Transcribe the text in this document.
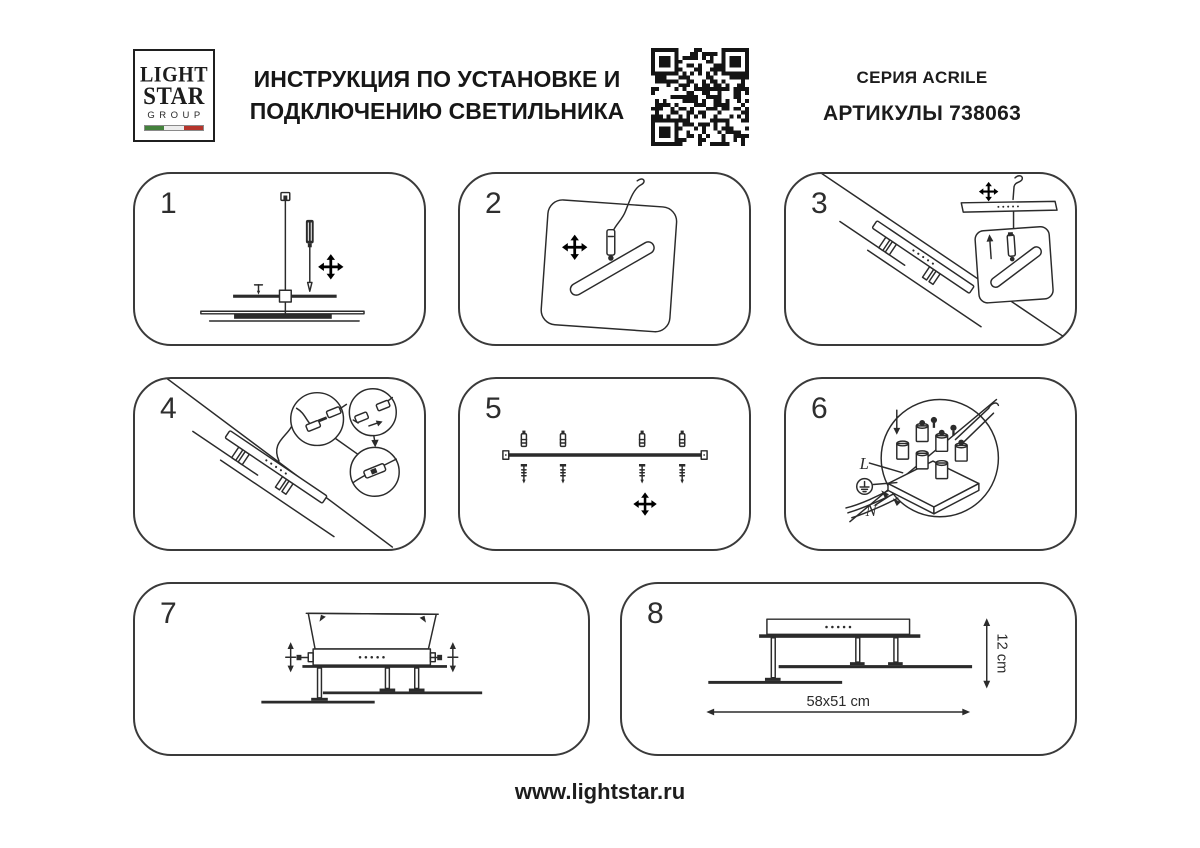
LIGHT
STAR
GROUP
ИНСТРУКЦИЯ ПО УСТАНОВКЕ И
ПОДКЛЮЧЕНИЮ СВЕТИЛЬНИКА
СЕРИЯ ACRILE
АРТИКУЛЫ 738063
1	2	3
4	5	6
L
N
7	8
12 cm
58x51 cm
www.lightstar.ru
